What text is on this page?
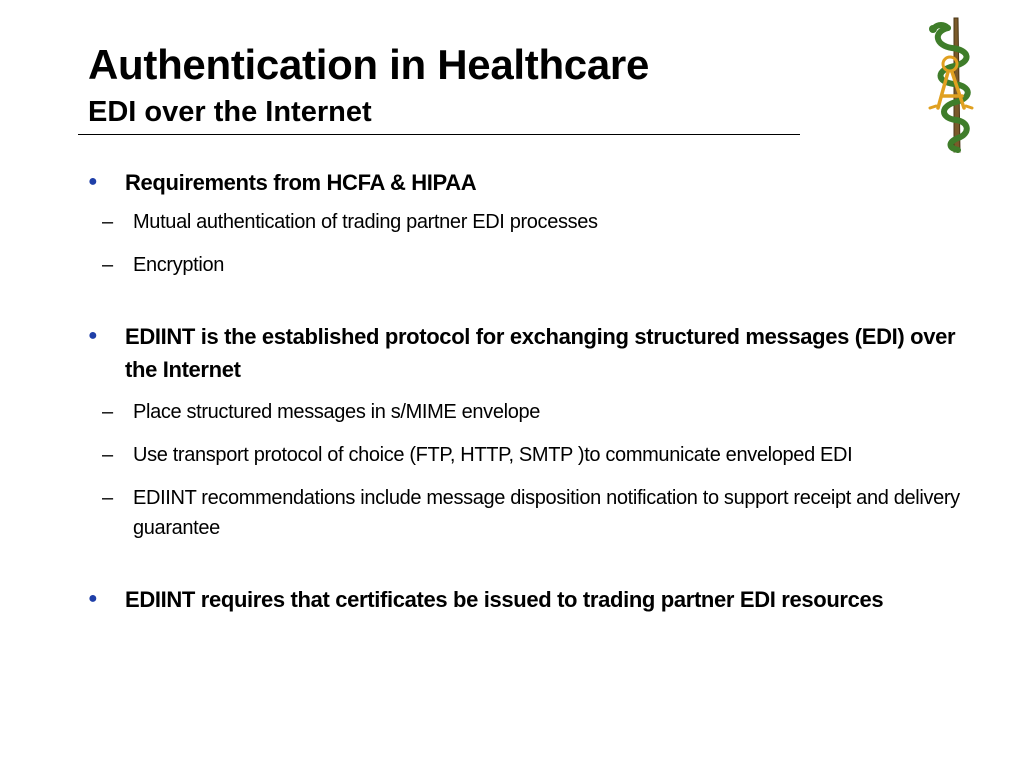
Authentication in Healthcare
EDI over the Internet
● Requirements from HCFA & HIPAA
– Mutual authentication of trading partner EDI processes
– Encryption
● EDIINT is the established protocol for exchanging structured messages (EDI) over the Internet
– Place structured messages in s/MIME envelope
– Use transport protocol of choice (FTP, HTTP, SMTP )to communicate enveloped EDI
– EDIINT recommendations include message disposition notification to support receipt and delivery guarantee
● EDIINT requires that certificates be issued to trading partner EDI resources
